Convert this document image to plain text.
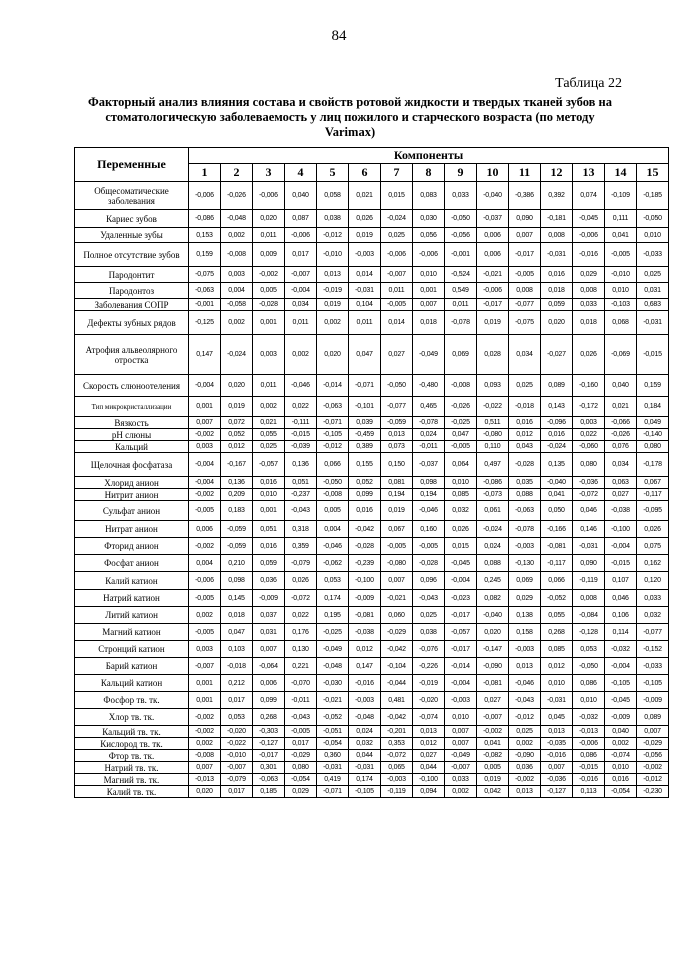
84
Таблица 22
Факторный анализ влияния состава и свойств ротовой жидкости и твердых тканей зубов на стоматологическую заболеваемость у лиц пожилого и старческого возраста (по методу Varimax)
Переменные	Компоненты														
	1	2	3	4	5	6	7	8	9	10	11	12	13	14	15
Общесоматические заболевания	-0,006	-0,026	-0,006	0,040	0,058	0,021	0,015	0,083	0,033	-0,040	-0,386	0,392	0,074	-0,109	-0,185
Кариес зубов	-0,086	-0,048	0,020	0,087	0,038	0,026	-0,024	0,030	-0,050	-0,037	0,090	-0,181	-0,045	0,111	-0,050
Удаленные зубы	0,153	0,002	0,011	-0,006	-0,012	0,019	0,025	0,056	-0,056	0,006	0,007	0,008	-0,006	0,041	0,010
Полное отсутствие зубов	0,159	-0,008	0,009	0,017	-0,010	-0,003	-0,006	-0,006	-0,001	0,006	-0,017	-0,031	-0,016	-0,005	-0,033
Пародонтит	-0,075	0,003	-0,002	-0,007	0,013	0,014	-0,007	0,010	-0,524	-0,021	-0,005	0,016	0,029	-0,010	0,025
Пародонтоз	-0,063	0,004	0,005	-0,004	-0,019	-0,031	0,011	0,001	0,549	-0,006	0,008	0,018	0,008	0,010	0,031
Заболевания СОПР	-0,001	-0,058	-0,028	0,034	0,019	0,104	-0,005	0,007	0,011	-0,017	-0,077	0,059	0,033	-0,103	0,683
Дефекты зубных рядов	-0,125	0,002	0,001	0,011	0,002	0,011	0,014	0,018	-0,078	0,019	-0,075	0,020	0,018	0,068	-0,031
Атрофия альвеолярного отростка	0,147	-0,024	0,003	0,002	0,020	0,047	0,027	-0,049	0,069	0,028	0,034	-0,027	0,026	-0,069	-0,015
Скорость слюноотеления	-0,004	0,020	0,011	-0,046	-0,014	-0,071	-0,050	-0,480	-0,008	0,093	0,025	0,089	-0,160	0,040	0,159
Тип микрокристаллизации	0,001	0,019	0,002	0,022	-0,063	-0,101	-0,077	0,465	-0,026	-0,022	-0,018	0,143	-0,172	0,021	0,184
Вязкость	0,007	0,072	0,021	-0,111	-0,071	0,039	-0,059	-0,078	-0,025	0,511	0,016	-0,096	0,003	-0,066	0,049
рН слюны	-0,002	0,052	0,055	-0,015	-0,105	-0,459	0,013	0,024	0,047	-0,080	0,012	0,016	0,022	-0,026	-0,140
Кальций	0,003	0,012	0,025	-0,039	-0,012	0,389	0,073	-0,011	-0,005	0,110	0,043	-0,024	-0,060	0,076	0,080
Щелочная фосфатаза	-0,004	-0,167	-0,057	0,136	0,066	0,155	0,150	-0,037	0,064	0,497	-0,028	0,135	0,080	0,034	-0,178
Хлорид анион	-0,004	0,136	0,016	0,051	-0,050	0,052	0,081	0,098	0,010	-0,086	0,035	-0,040	-0,036	0,063	0,067
Нитрит анион	-0,002	0,209	0,010	-0,237	-0,008	0,099	0,194	0,194	0,085	-0,073	0,088	0,041	-0,072	0,027	-0,117
Сульфат анион	-0,005	0,183	0,001	-0,043	0,005	0,016	0,019	-0,046	0,032	0,061	-0,063	0,050	0,046	-0,038	-0,095
Нитрат анион	0,006	-0,059	0,051	0,318	0,004	-0,042	0,067	0,160	0,026	-0,024	-0,078	-0,166	0,146	-0,100	0,026
Фторид анион	-0,002	-0,059	0,016	0,359	-0,046	-0,028	-0,005	-0,005	0,015	0,024	-0,003	-0,081	-0,031	-0,004	0,075
Фосфат анион	0,004	0,210	0,059	-0,079	-0,062	-0,239	-0,080	-0,028	-0,045	0,088	-0,130	-0,117	0,090	-0,015	0,162
Калий катион	-0,006	0,098	0,036	0,026	0,053	-0,100	0,007	0,096	-0,004	0,245	0,069	0,066	-0,119	0,107	0,120
Натрий катион	-0,005	0,145	-0,009	-0,072	0,174	-0,009	-0,021	-0,043	-0,023	0,082	0,029	-0,052	0,008	0,046	0,033
Литий катион	0,002	0,018	0,037	0,022	0,195	-0,081	0,060	0,025	-0,017	-0,040	0,138	0,055	-0,084	0,106	0,032
Магний катион	-0,005	0,047	0,031	0,176	-0,025	-0,038	-0,029	0,038	-0,057	0,020	0,158	0,268	-0,128	0,114	-0,077
Стронций катион	0,003	0,103	0,007	0,130	-0,049	0,012	-0,042	-0,076	-0,017	-0,147	-0,003	0,085	0,053	-0,032	-0,152
Барий катион	-0,007	-0,018	-0,064	0,221	-0,048	0,147	-0,104	-0,226	-0,014	-0,090	0,013	0,012	-0,050	-0,004	-0,033
Кальций катион	0,001	0,212	0,006	-0,070	-0,030	-0,016	-0,044	-0,019	-0,004	-0,081	-0,046	0,010	0,086	-0,105	-0,105
Фосфор тв. тк.	0,001	0,017	0,099	-0,011	-0,021	-0,003	0,481	-0,020	-0,003	0,027	-0,043	-0,031	0,010	-0,045	-0,009
Хлор тв. тк.	-0,002	0,053	0,268	-0,043	-0,052	-0,048	-0,042	-0,074	0,010	-0,007	-0,012	0,045	-0,032	-0,009	0,089
Кальций тв. тк.	-0,002	-0,020	-0,303	-0,005	-0,051	0,024	-0,201	0,013	0,007	-0,002	0,025	0,013	-0,013	0,040	0,007
Кислород тв. тк.	0,002	-0,022	-0,127	0,017	-0,054	0,032	0,353	0,012	0,007	0,041	0,002	-0,035	-0,006	0,002	-0,029
Фтор тв. тк.	-0,008	-0,010	-0,017	-0,029	0,360	0,044	-0,072	0,027	-0,049	-0,082	-0,090	-0,016	0,086	-0,074	-0,056
Натрий тв. тк.	0,007	-0,007	0,301	0,080	-0,031	-0,031	0,065	0,044	-0,007	0,005	0,036	0,007	-0,015	0,010	-0,002
Магний тв. тк.	-0,013	-0,079	-0,063	-0,054	0,419	0,174	-0,003	-0,100	0,033	0,019	-0,002	-0,036	-0,016	0,016	-0,012
Калий тв. тк.	0,020	0,017	0,185	0,029	-0,071	-0,105	-0,119	0,094	0,002	0,042	0,013	-0,127	0,113	-0,054	-0,230
